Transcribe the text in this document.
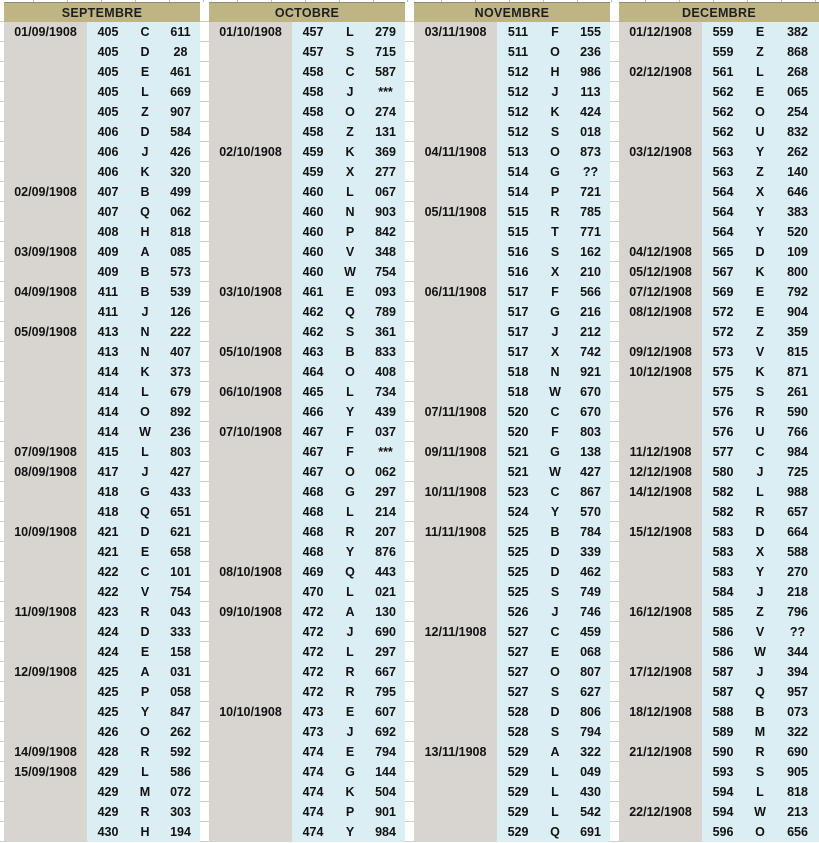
SEPTEMBRE
01/09/1908	405	C	611
405	D	28
405	E	461
405	L	669
405	Z	907
406	D	584
406	J	426
406	K	320
02/09/1908	407	B	499
407	Q	062
408	H	818
03/09/1908	409	A	085
409	B	573
04/09/1908	411	B	539
411	J	126
05/09/1908	413	N	222
413	N	407
414	K	373
414	L	679
414	O	892
414	W	236
07/09/1908	415	L	803
08/09/1908	417	J	427
418	G	433
418	Q	651
10/09/1908	421	D	621
421	E	658
422	C	101
422	V	754
11/09/1908	423	R	043
424	D	333
424	E	158
12/09/1908	425	A	031
425	P	058
425	Y	847
426	O	262
14/09/1908	428	R	592
15/09/1908	429	L	586
429	M	072
429	R	303
430	H	194
OCTOBRE
01/10/1908	457	L	279
457	S	715
458	C	587
458	J	***
458	O	274
458	Z	131
02/10/1908	459	K	369
459	X	277
460	L	067
460	N	903
460	P	842
460	V	348
460	W	754
03/10/1908	461	E	093
462	Q	789
462	S	361
05/10/1908	463	B	833
464	O	408
06/10/1908	465	L	734
466	Y	439
07/10/1908	467	F	037
467	F	***
467	O	062
468	G	297
468	L	214
468	R	207
468	Y	876
08/10/1908	469	Q	443
470	L	021
09/10/1908	472	A	130
472	J	690
472	L	297
472	R	667
472	R	795
10/10/1908	473	E	607
473	J	692
474	E	794
474	G	144
474	K	504
474	P	901
474	Y	984
NOVEMBRE
03/11/1908	511	F	155
511	O	236
512	H	986
512	J	113
512	K	424
512	S	018
04/11/1908	513	O	873
514	G	??
514	P	721
05/11/1908	515	R	785
515	T	771
516	S	162
516	X	210
06/11/1908	517	F	566
517	G	216
517	J	212
517	X	742
518	N	921
518	W	670
07/11/1908	520	C	670
520	F	803
09/11/1908	521	G	138
521	W	427
10/11/1908	523	C	867
524	Y	570
11/11/1908	525	B	784
525	D	339
525	D	462
525	S	749
526	J	746
12/11/1908	527	C	459
527	E	068
527	O	807
527	S	627
528	D	806
528	S	794
13/11/1908	529	A	322
529	L	049
529	L	430
529	L	542
529	Q	691
DECEMBRE
01/12/1908	559	E	382
559	Z	868
02/12/1908	561	L	268
562	E	065
562	O	254
562	U	832
03/12/1908	563	Y	262
563	Z	140
564	X	646
564	Y	383
564	Y	520
04/12/1908	565	D	109
05/12/1908	567	K	800
07/12/1908	569	E	792
08/12/1908	572	E	904
572	Z	359
09/12/1908	573	V	815
10/12/1908	575	K	871
575	S	261
576	R	590
576	U	766
11/12/1908	577	C	984
12/12/1908	580	J	725
14/12/1908	582	L	988
582	R	657
15/12/1908	583	D	664
583	X	588
583	Y	270
584	J	218
16/12/1908	585	Z	796
586	V	??
586	W	344
17/12/1908	587	J	394
587	Q	957
18/12/1908	588	B	073
589	M	322
21/12/1908	590	R	690
593	S	905
594	L	818
22/12/1908	594	W	213
596	O	656
